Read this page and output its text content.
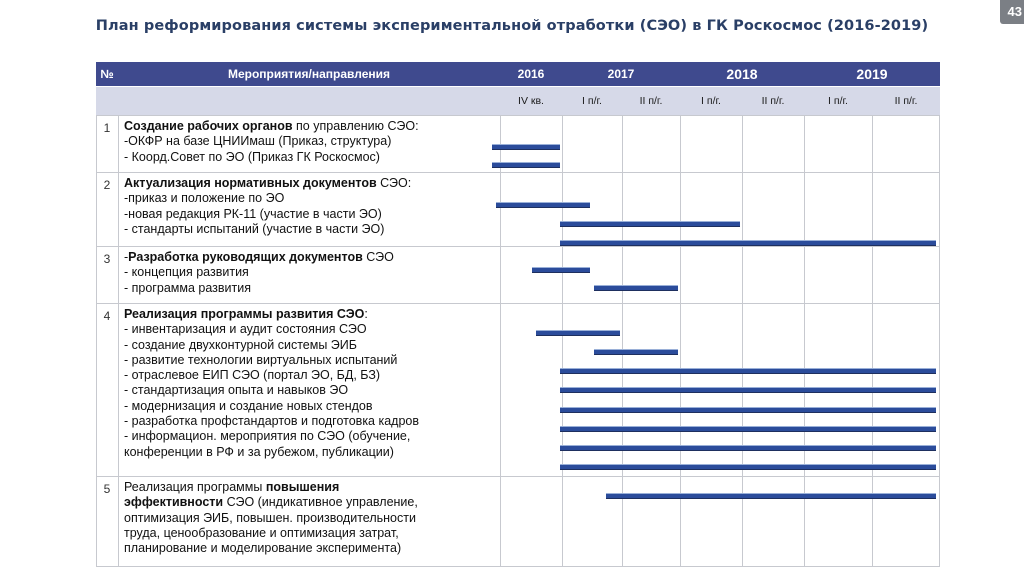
План реформирования системы экспериментальной отработки (СЭО) в ГК Роскосмос (2016-2019)
43
№	Мероприятия/направления	2016	2017	2018	2019
IV кв.	I п/г.	II п/г.	I п/г.	II п/г.	I п/г.	II п/г.
1	Создание рабочих органов по управлению СЭО:
-ОКФР на базе ЦНИИмаш (Приказ, структура)
- Коорд.Совет по ЭО (Приказ ГК Роскосмос)
2	Актуализация нормативных документов СЭО:
-приказ и положение по ЭО
-новая редакция РК-11 (участие в части ЭО)
- стандарты испытаний (участие в части ЭО)
3	-Разработка руководящих документов СЭО
- концепция развития
- программа развития
4	Реализация программы развития СЭО:
- инвентаризация и аудит состояния СЭО
- создание двухконтурной системы ЭИБ
- развитие технологии виртуальных испытаний
- отраслевое ЕИП СЭО (портал ЭО, БД, БЗ)
- стандартизация опыта и навыков ЭО
- модернизация и создание новых стендов
- разработка профстандартов и подготовка кадров
- информацион. мероприятия по СЭО (обучение,
конференции в РФ и за рубежом, публикации)
5	Реализация программы повышения
эффективности СЭО (индикативное управление,
оптимизация ЭИБ, повышен. производительности
труда, ценообразование и оптимизация затрат,
планирование и моделирование эксперимента)
